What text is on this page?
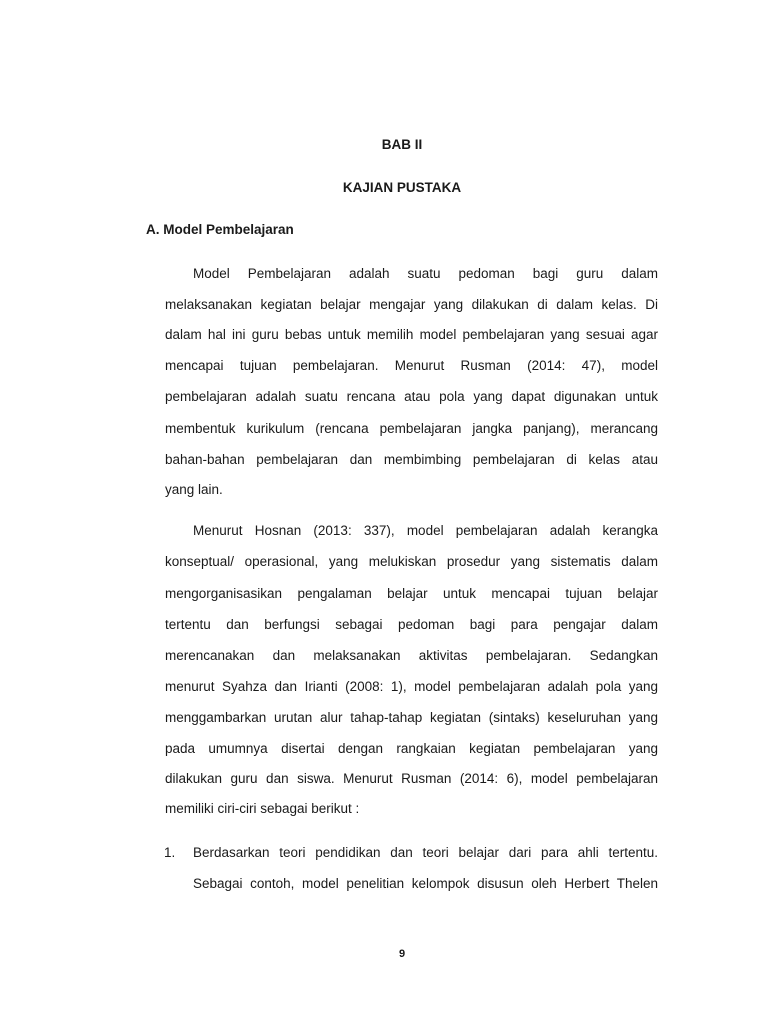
BAB II
KAJIAN PUSTAKA
A. Model Pembelajaran
Model Pembelajaran adalah suatu pedoman bagi guru dalam
melaksanakan kegiatan belajar mengajar yang dilakukan di dalam kelas. Di
dalam hal ini guru bebas untuk memilih model pembelajaran yang sesuai agar
mencapai tujuan pembelajaran. Menurut Rusman (2014: 47), model
pembelajaran adalah suatu rencana atau pola yang dapat digunakan untuk
membentuk kurikulum (rencana pembelajaran jangka panjang), merancang
bahan-bahan pembelajaran dan membimbing pembelajaran di kelas atau
yang lain.
Menurut Hosnan (2013: 337), model pembelajaran adalah kerangka
konseptual/ operasional, yang melukiskan prosedur yang sistematis dalam
mengorganisasikan pengalaman belajar untuk mencapai tujuan belajar
tertentu dan berfungsi sebagai pedoman bagi para pengajar dalam
merencanakan dan melaksanakan aktivitas pembelajaran. Sedangkan
menurut Syahza dan Irianti (2008: 1), model pembelajaran adalah pola yang
menggambarkan urutan alur tahap-tahap kegiatan (sintaks) keseluruhan yang
pada umumnya disertai dengan rangkaian kegiatan pembelajaran yang
dilakukan guru dan siswa. Menurut Rusman (2014: 6), model pembelajaran
memiliki ciri-ciri sebagai berikut :
1. Berdasarkan teori pendidikan dan teori belajar dari para ahli tertentu.
Sebagai contoh, model penelitian kelompok disusun oleh Herbert Thelen
9
